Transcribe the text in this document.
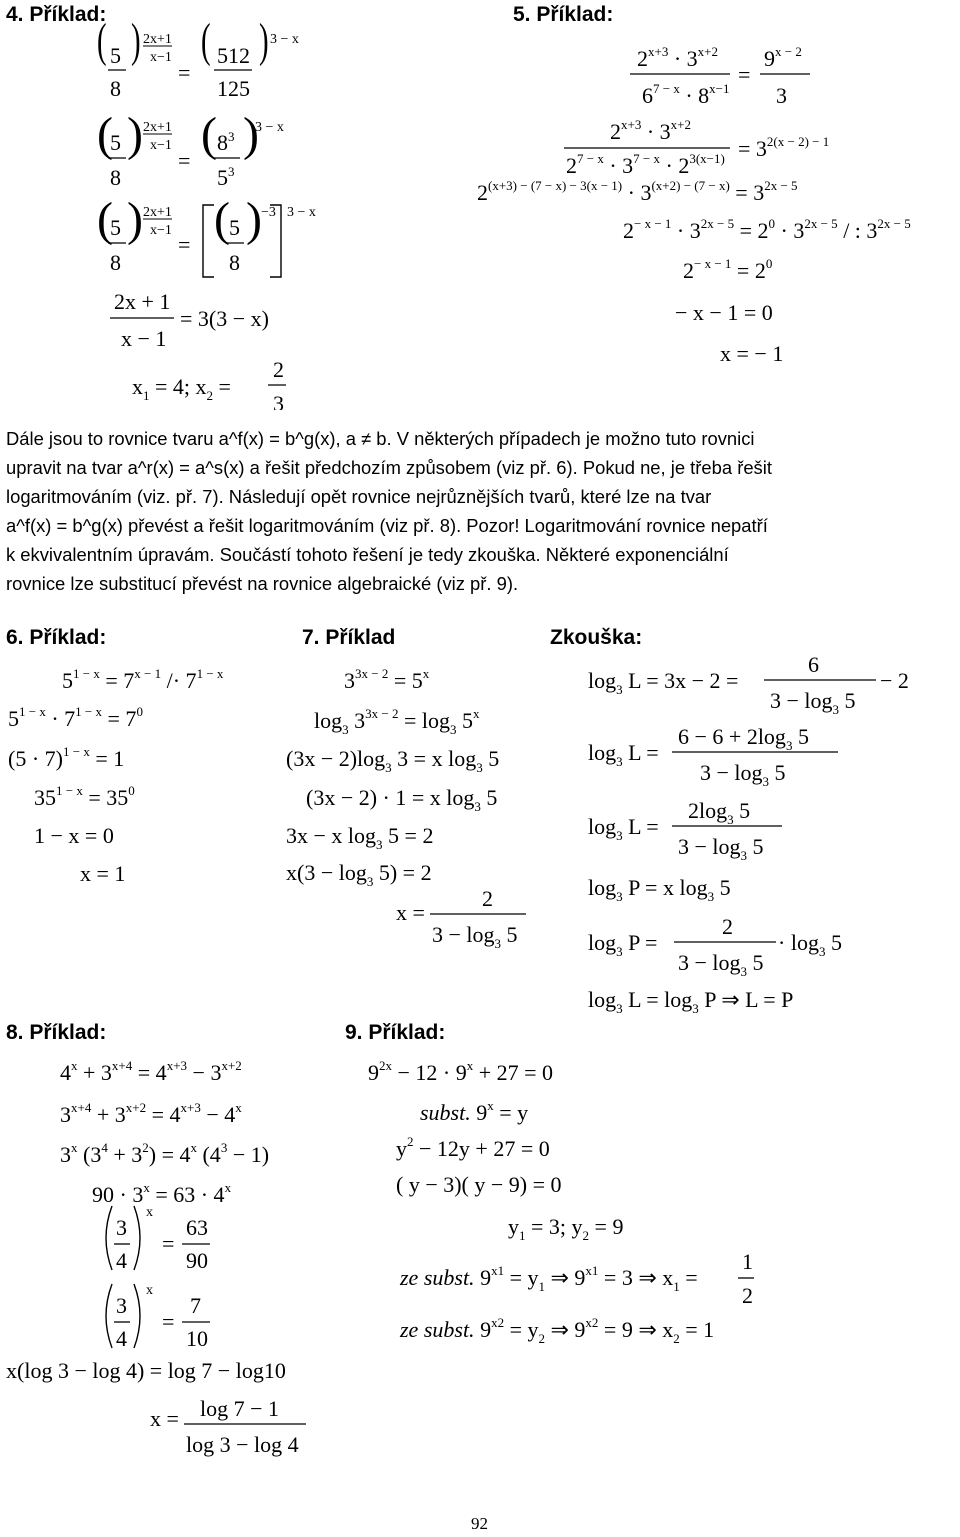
4. Příklad:	5. Příklad:
( 5
8
) 2x+1
x−1
=
( 512
125
) 3 − x
(
5
8
) 2x+1
x−1
= ( $8^3$
$5^3$
)
3 − x
(
5
8
) 2x+1
x−1
= ( 5
8
) −3 3 − x
2x + 1
x − 1
= 3(3 − x)
$x_1 = 4$; $x_2$ =
2
3
$2^{x+3} \cdot 3^{x+2}$
$6^{7 - x} \cdot 8^{x-1}$
=
$9^{x - 2}$
3
$2^{x+3} \cdot 3^{x+2}$
$2^{7 - x} \cdot 3^{7 - x} \cdot 2^{3(x-1)} = 3^{2(x - 2) - 1}$
$2^{(x+3) - (7 - x) - 3(x - 1)} \cdot 3^{(x+2) - (7 - x)} = 3^{2x - 5}$
$2^{- x - 1} \cdot 3^{2x - 5} = 2^0 \cdot 3^{2x - 5}$ / : $3^{2x - 5}$
$2^{- x - 1} = 2^0$
− x − 1 = 0
x = − 1
Dále jsou to rovnice tvaru a^f(x) = b^g(x), a ≠ b. V některých případech je možno tuto rovnici
upravit na tvar a^r(x) = a^s(x) a řešit předchozím způsobem (viz př. 6). Pokud ne, je třeba řešit
logaritmováním (viz. př. 7). Následují opět rovnice nejrůznějších tvarů, které lze na tvar
a^f(x) = b^g(x) převést a řešit logaritmováním (viz př. 8). Pozor! Logaritmování rovnice nepatří
k ekvivalentním úpravám. Součástí tohoto řešení je tedy zkouška. Některé exponenciální
rovnice lze substitucí převést na rovnice algebraické (viz př. 9).
6. Příklad:	7. Příklad	Zkouška:
$5^{1 - x} = 7^{x - 1} /\cdot 7^{1 - x}$
$5^{1 - x} \cdot 7^{1 - x} = 7^0$
$(5 \cdot 7)^{1 - x} = 1$
$35^{1 - x} = 35^0$
1 − x = 0
x = 1
$3^{3x - 2} = 5^x$
$\log_3 3^{3x - 2} = \log_3 5^x$
$(3x - 2)\log_3$ 3 = x $\log_3 5$
(3x − 2) · 1 = x $\log_3 5$
3x − x $\log_3 5 = 2$
$x(3 - \log_3 5) = 2$
x =
2
$3 - \log_3 5$
$\log_3 L = 3x - 2$ =
6
$3 - \log_3 5$
− 2
$\log_3 L$ =
$6 - 6 + 2\log_3$ 5
$3 - \log_3 5$
$\log_3 L$ =
$2\log_3$ 5
$3 - \log_3 5$
$\log_3 P = x$ $\log_3 5$
$\log_3 P$ =
2
$3 - \log_3 5$
· $\log_3 5$
$\log_3 L = \log_3 P$ ⇒ L = P
8. Příklad:	9. Příklad:
$4^x + 3^{x+4} = 4^{x+3} - 3^{x+2}$
$3^{x+4} + 3^{x+2} = 4^{x+3} - 4^x$
3$^x$ $(3^4 + 3^2) = 4^x$ $(4^3 - 1)$
$90 \cdot 3^x = 63 \cdot 4^x$
3
4
x
=
63
90
3
4
x
=
7
10
x(log 3 − log 4) = log 7 − log10
x = log 7 − 1
log 3 − log 4
$9^{2x} - 12 \cdot 9^x + 27 = 0$
subst. $9^x = y$
$y^2 - 12y + 27 = 0$
( y − 3)( y − 9) = 0
$y_1 = 3$; $y_2 = 9$
ze subst. $9^{x1} = y_1$ ⇒ $9^{x1} = 3$ ⇒ $x_1$ =
1
2
ze subst. $9^{x2} = y_2$ ⇒ $9^{x2} = 9$ ⇒ $x_2 = 1$
92
